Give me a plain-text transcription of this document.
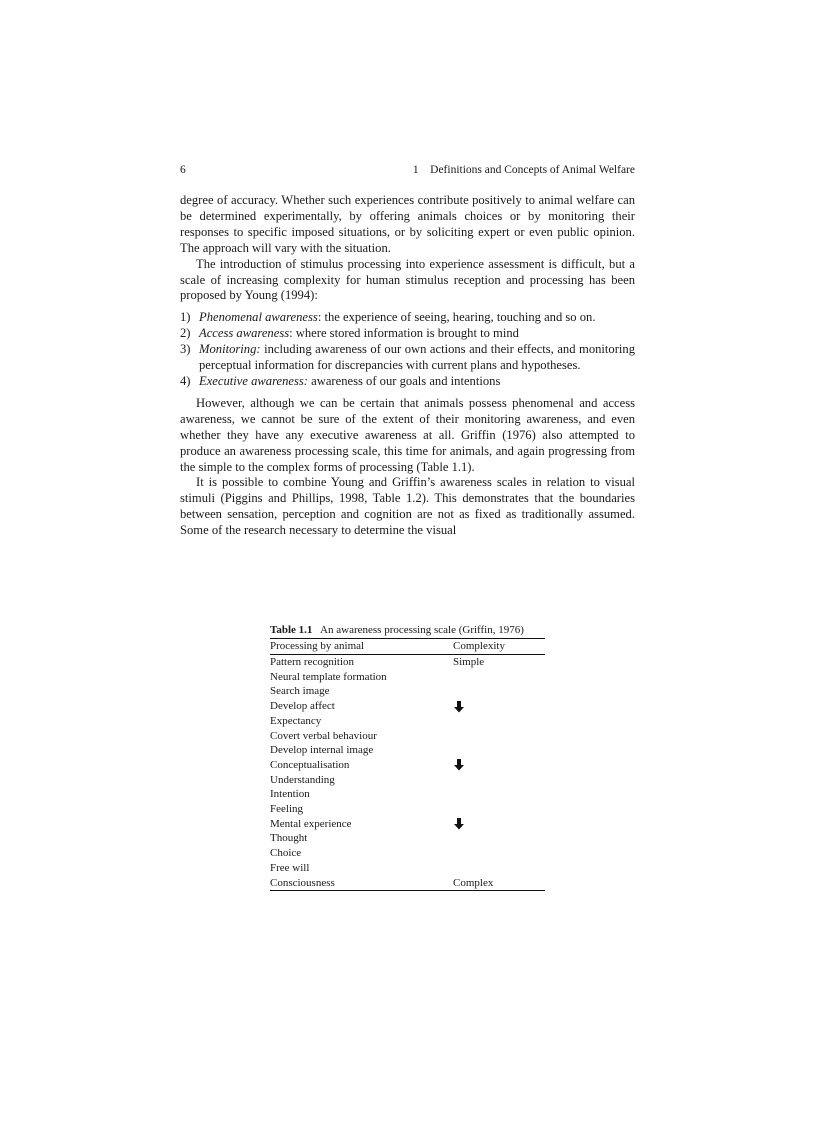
6	1    Definitions and Concepts of Animal Welfare

degree of accuracy. Whether such experiences contribute positively to animal welfare can be determined experimentally, by offering animals choices or by monitoring their responses to specific imposed situations, or by soliciting expert or even public opinion. The approach will vary with the situation.

The introduction of stimulus processing into experience assessment is difficult, but a scale of increasing complexity for human stimulus reception and processing has been proposed by Young (1994):

1) Phenomenal awareness: the experience of seeing, hearing, touching and so on.
2) Access awareness: where stored information is brought to mind
3) Monitoring: including awareness of our own actions and their effects, and monitoring perceptual information for discrepancies with current plans and hypotheses.
4) Executive awareness: awareness of our goals and intentions

However, although we can be certain that animals possess phenomenal and access awareness, we cannot be sure of the extent of their monitoring awareness, and even whether they have any executive awareness at all. Griffin (1976) also attempted to produce an awareness processing scale, this time for animals, and again progressing from the simple to the complex forms of processing (Table 1.1).

It is possible to combine Young and Griffin’s awareness scales in relation to visual stimuli (Piggins and Phillips, 1998, Table 1.2). This demonstrates that the boundaries between sensation, perception and cognition are not as fixed as traditionally assumed. Some of the research necessary to determine the visual

Table 1.1 An awareness processing scale (Griffin, 1976)
Processing by animal	Complexity
Pattern recognition	Simple
Neural template formation	
Search image	
Develop affect	
Expectancy	
Covert verbal behaviour	
Develop internal image	
Conceptualisation	
Understanding	
Intention	
Feeling	
Mental experience	
Thought	
Choice	
Free will	
Consciousness	Complex
